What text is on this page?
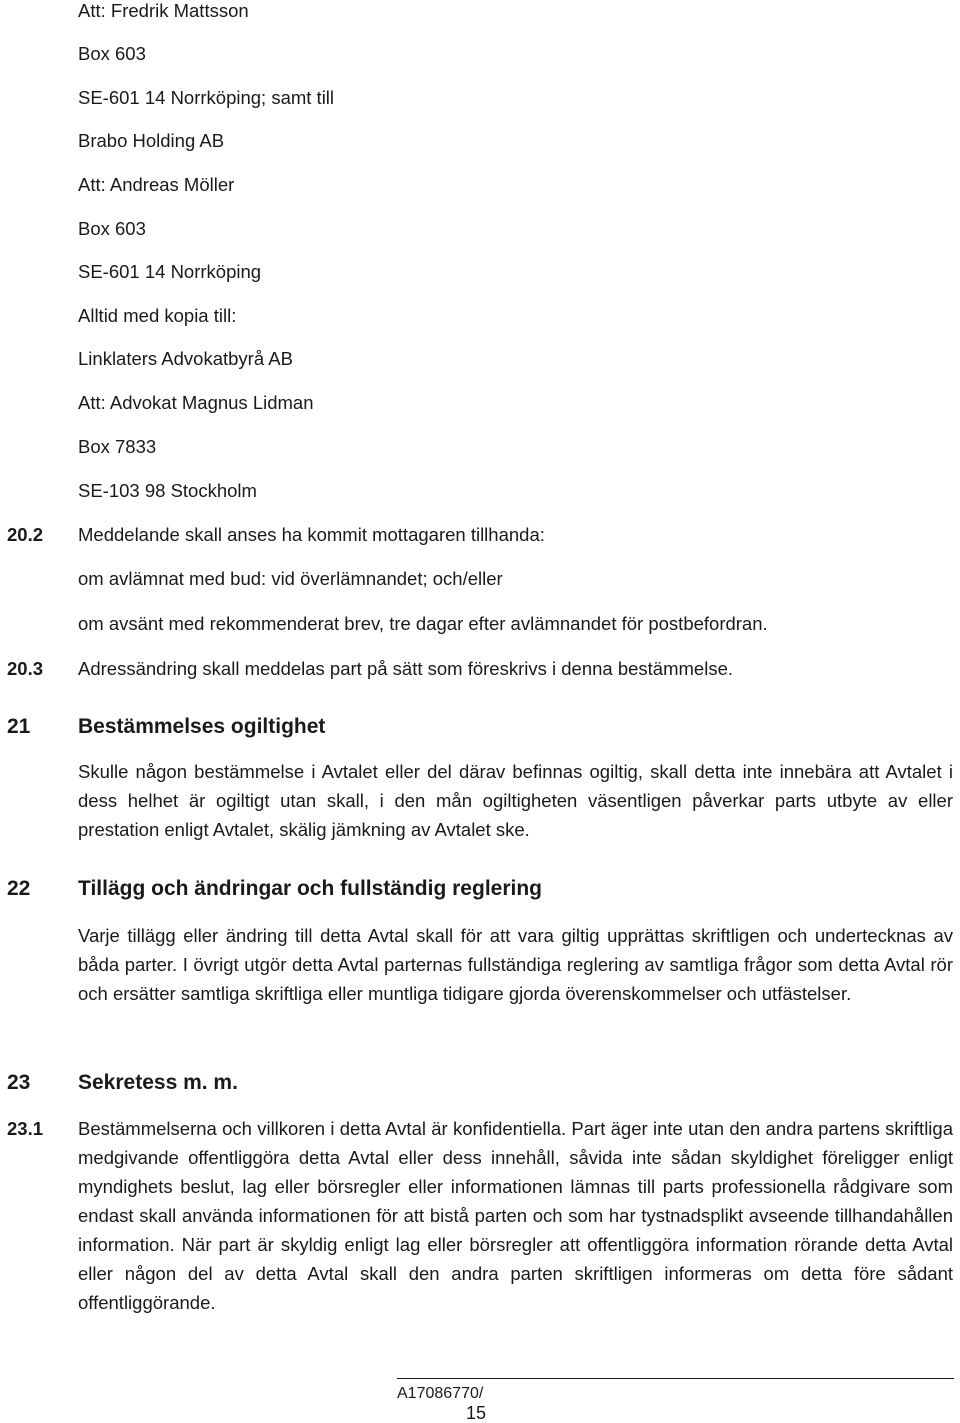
Att: Fredrik Mattsson
Box 603
SE-601 14 Norrköping; samt till
Brabo Holding AB
Att: Andreas Möller
Box 603
SE-601 14 Norrköping
Alltid med kopia till:
Linklaters Advokatbyrå AB
Att: Advokat Magnus Lidman
Box 7833
SE-103 98 Stockholm
20.2 Meddelande skall anses ha kommit mottagaren tillhanda:
om avlämnat med bud: vid överlämnandet; och/eller
om avsänt med rekommenderat brev, tre dagar efter avlämnandet för postbefordran.
20.3 Adressändring skall meddelas part på sätt som föreskrivs i denna bestämmelse.
21 Bestämmelses ogiltighet
Skulle någon bestämmelse i Avtalet eller del därav befinnas ogiltig, skall detta inte innebära att Avtalet i dess helhet är ogiltigt utan skall, i den mån ogiltigheten väsentligen påverkar parts utbyte av eller prestation enligt Avtalet, skälig jämkning av Avtalet ske.
22 Tillägg och ändringar och fullständig reglering
Varje tillägg eller ändring till detta Avtal skall för att vara giltig upprättas skriftligen och undertecknas av båda parter. I övrigt utgör detta Avtal parternas fullständiga reglering av samtliga frågor som detta Avtal rör och ersätter samtliga skriftliga eller muntliga tidigare gjorda överenskommelser och utfästelser.
23 Sekretess m. m.
23.1 Bestämmelserna och villkoren i detta Avtal är konfidentiella. Part äger inte utan den andra partens skriftliga medgivande offentliggöra detta Avtal eller dess innehåll, såvida inte sådan skyldighet föreligger enligt myndighets beslut, lag eller börsregler eller informationen lämnas till parts professionella rådgivare som endast skall använda informationen för att bistå parten och som har tystnadsplikt avseende tillhandahållen information. När part är skyldig enligt lag eller börsregler att offentliggöra information rörande detta Avtal eller någon del av detta Avtal skall den andra parten skriftligen informeras om detta före sådant offentliggörande.
A17086770/
15
